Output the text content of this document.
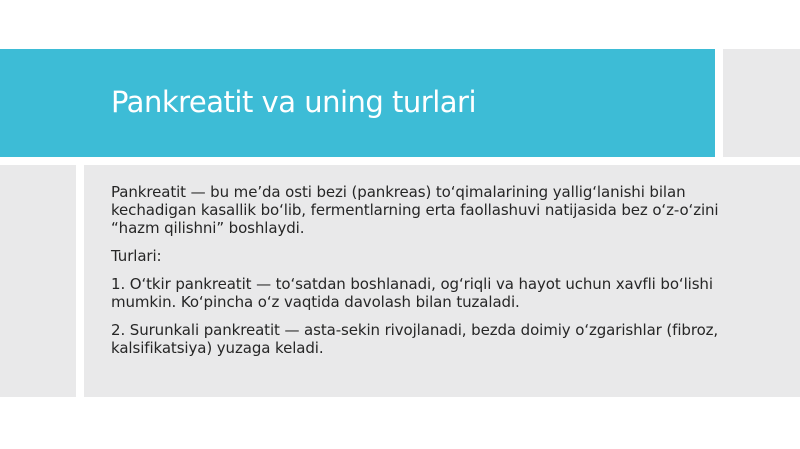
Pankreatit va uning turlari

Pankreatit — bu me’da osti bezi (pankreas) to‘qimalarining yallig‘lanishi bilan kechadigan kasallik bo‘lib, fermentlarning erta faollashuvi natijasida bez o‘z-o‘zini “hazm qilishni” boshlaydi.

Turlari:

1. O‘tkir pankreatit — to‘satdan boshlanadi, og‘riqli va hayot uchun xavfli bo‘lishi mumkin. Ko‘pincha o‘z vaqtida davolash bilan tuzaladi.

2. Surunkali pankreatit — asta-sekin rivojlanadi, bezda doimiy o‘zgarishlar (fibroz, kalsifikatsiya) yuzaga keladi.
